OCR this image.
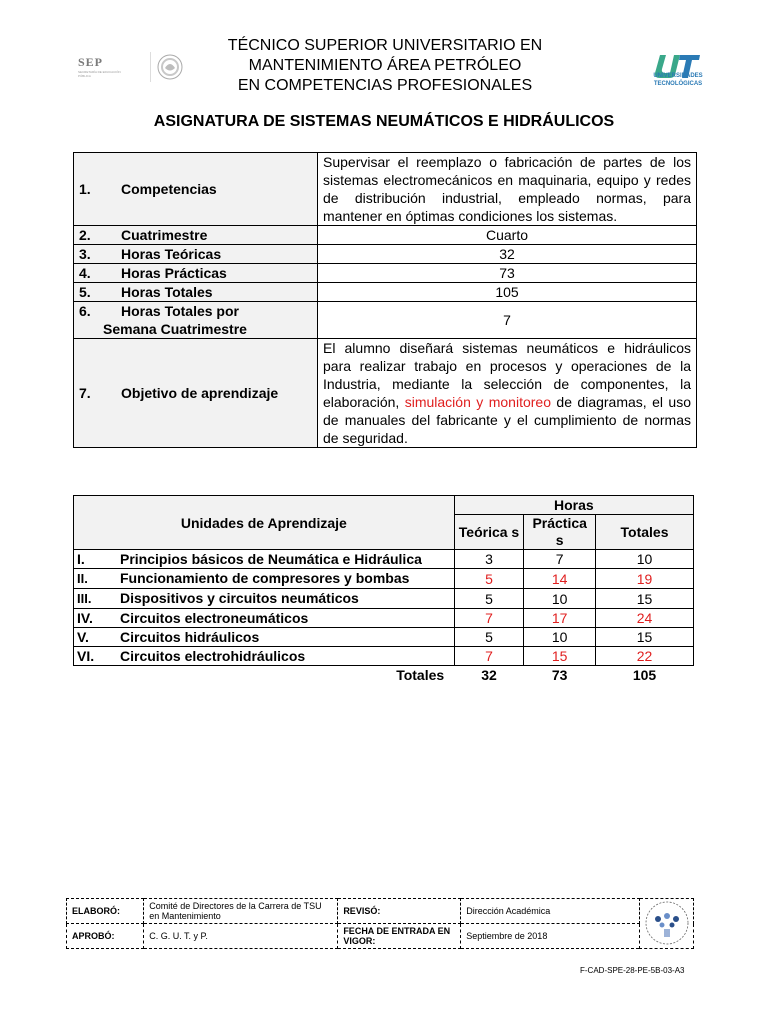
SEP
SECRETARÍA DE EDUCACIÓN PÚBLICA
TÉCNICO SUPERIOR UNIVERSITARIO EN
MANTENIMIENTO ÁREA PETRÓLEO
EN COMPETENCIAS PROFESIONALES
UNIVERSIDADES TECNOLÓGICAS
ASIGNATURA DE SISTEMAS NEUMÁTICOS E HIDRÁULICOS
1. Competencias	Supervisar el reemplazo o fabricación de partes de los sistemas electromecánicos en maquinaria, equipo y redes de distribución industrial, empleado normas, para mantener en óptimas condiciones los sistemas.
2. Cuatrimestre	Cuarto
3. Horas Teóricas	32
4. Horas Prácticas	73
5. Horas Totales	105
6. Horas Totales por
Semana Cuatrimestre	7
7. Objetivo de aprendizaje	El alumno diseñará sistemas neumáticos e hidráulicos para realizar trabajo en procesos y operaciones de la Industria, mediante la selección de componentes, la elaboración, simulación y monitoreo de diagramas, el uso de manuales del fabricante y el cumplimiento de normas de seguridad.
Unidades de Aprendizaje	Horas		
	Teórica s	Práctica s	Totales
I. Principios básicos de Neumática e Hidráulica	3	7	10
II. Funcionamiento de compresores y bombas	5	14	19
III. Dispositivos y circuitos neumáticos	5	10	15
IV. Circuitos electroneumáticos	7	17	24
V. Circuitos hidráulicos	5	10	15
VI. Circuitos electrohidráulicos	7	15	22
Totales	32	73	105
ELABORÓ:	Comité de Directores de la Carrera de TSU en Mantenimiento	REVISÓ:	Dirección Académica	
APROBÓ:	C. G. U. T. y P.	FECHA DE ENTRADA EN VIGOR:	Septiembre de 2018	
F-CAD-SPE-28-PE-5B-03-A3
